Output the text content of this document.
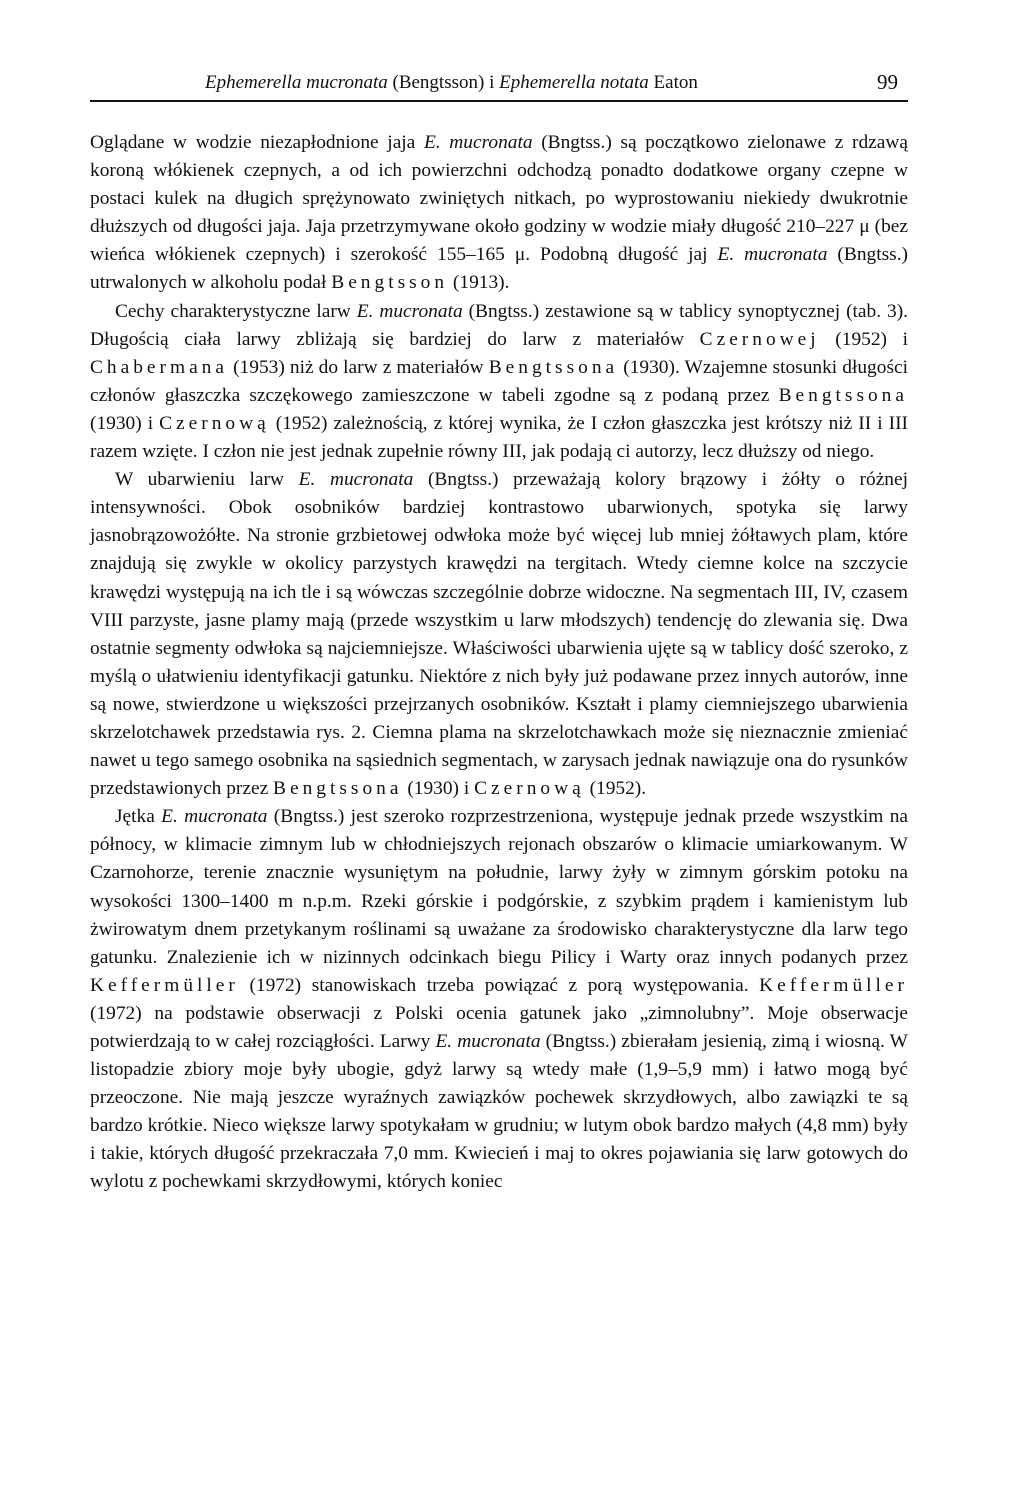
Ephemerella mucronata (Bengtsson) i Ephemerella notata Eaton	99

Oglądane w wodzie niezapłodnione jaja E. mucronata (Bngtss.) są początkowo zielonawe z rdzawą koroną włókienek czepnych, a od ich powierzchni odchodzą ponadto dodatkowe organy czepne w postaci kulek na długich sprężynowato zwiniętych nitkach, po wyprostowaniu niekiedy dwukrotnie dłuższych od długości jaja. Jaja przetrzymywane około godziny w wodzie miały długość 210–227 μ (bez wieńca włókienek czepnych) i szerokość 155–165 μ. Podobną długość jaj E. mucronata (Bngtss.) utrwalonych w alkoholu podał Bengtsson (1913).

Cechy charakterystyczne larw E. mucronata (Bngtss.) zestawione są w tablicy synoptycznej (tab. 3). Długością ciała larwy zbliżają się bardziej do larw z materiałów Czernowej (1952) i Chabermana (1953) niż do larw z materiałów Bengtssona (1930). Wzajemne stosunki długości członów głaszczka szczękowego zamieszczone w tabeli zgodne są z podaną przez Bengtssona (1930) i Czernową (1952) zależnością, z której wynika, że I człon głaszczka jest krótszy niż II i III razem wzięte. I człon nie jest jednak zupełnie równy III, jak podają ci autorzy, lecz dłuższy od niego.

W ubarwieniu larw E. mucronata (Bngtss.) przeważają kolory brązowy i żółty o różnej intensywności. Obok osobników bardziej kontrastowo ubarwionych, spotyka się larwy jasnobrązowożółte. Na stronie grzbietowej odwłoka może być więcej lub mniej żółtawych plam, które znajdują się zwykle w okolicy parzystych krawędzi na tergitach. Wtedy ciemne kolce na szczycie krawędzi występują na ich tle i są wówczas szczególnie dobrze widoczne. Na segmentach III, IV, czasem VIII parzyste, jasne plamy mają (przede wszystkim u larw młodszych) tendencję do zlewania się. Dwa ostatnie segmenty odwłoka są najciemniejsze. Właściwości ubarwienia ujęte są w tablicy dość szeroko, z myślą o ułatwieniu identyfikacji gatunku. Niektóre z nich były już podawane przez innych autorów, inne są nowe, stwierdzone u większości przejrzanych osobników. Kształt i plamy ciemniejszego ubarwienia skrzelotchawek przedstawia rys. 2. Ciemna plama na skrzelotchawkach może się nieznacznie zmieniać nawet u tego samego osobnika na sąsiednich segmentach, w zarysach jednak nawiązuje ona do rysunków przedstawionych przez Bengtssona (1930) i Czernową (1952).

Jętka E. mucronata (Bngtss.) jest szeroko rozprzestrzeniona, występuje jednak przede wszystkim na północy, w klimacie zimnym lub w chłodniejszych rejonach obszarów o klimacie umiarkowanym. W Czarnohorze, terenie znacznie wysuniętym na południe, larwy żyły w zimnym górskim potoku na wysokości 1300–1400 m n.p.m. Rzeki górskie i podgórskie, z szybkim prądem i kamienistym lub żwirowatym dnem przetykanym roślinami są uważane za środowisko charakterystyczne dla larw tego gatunku. Znalezienie ich w nizinnych odcinkach biegu Pilicy i Warty oraz innych podanych przez Keffermüller (1972) stanowiskach trzeba powiązać z porą występowania. Keffermüller (1972) na podstawie obserwacji z Polski ocenia gatunek jako „zimnolubny”. Moje obserwacje potwierdzają to w całej rozciągłości. Larwy E. mucronata (Bngtss.) zbierałam jesienią, zimą i wiosną. W listopadzie zbiory moje były ubogie, gdyż larwy są wtedy małe (1,9–5,9 mm) i łatwo mogą być przeoczone. Nie mają jeszcze wyraźnych zawiązków pochewek skrzydłowych, albo zawiązki te są bardzo krótkie. Nieco większe larwy spotykałam w grudniu; w lutym obok bardzo małych (4,8 mm) były i takie, których długość przekraczała 7,0 mm. Kwiecień i maj to okres pojawiania się larw gotowych do wylotu z pochewkami skrzydłowymi, których koniec
